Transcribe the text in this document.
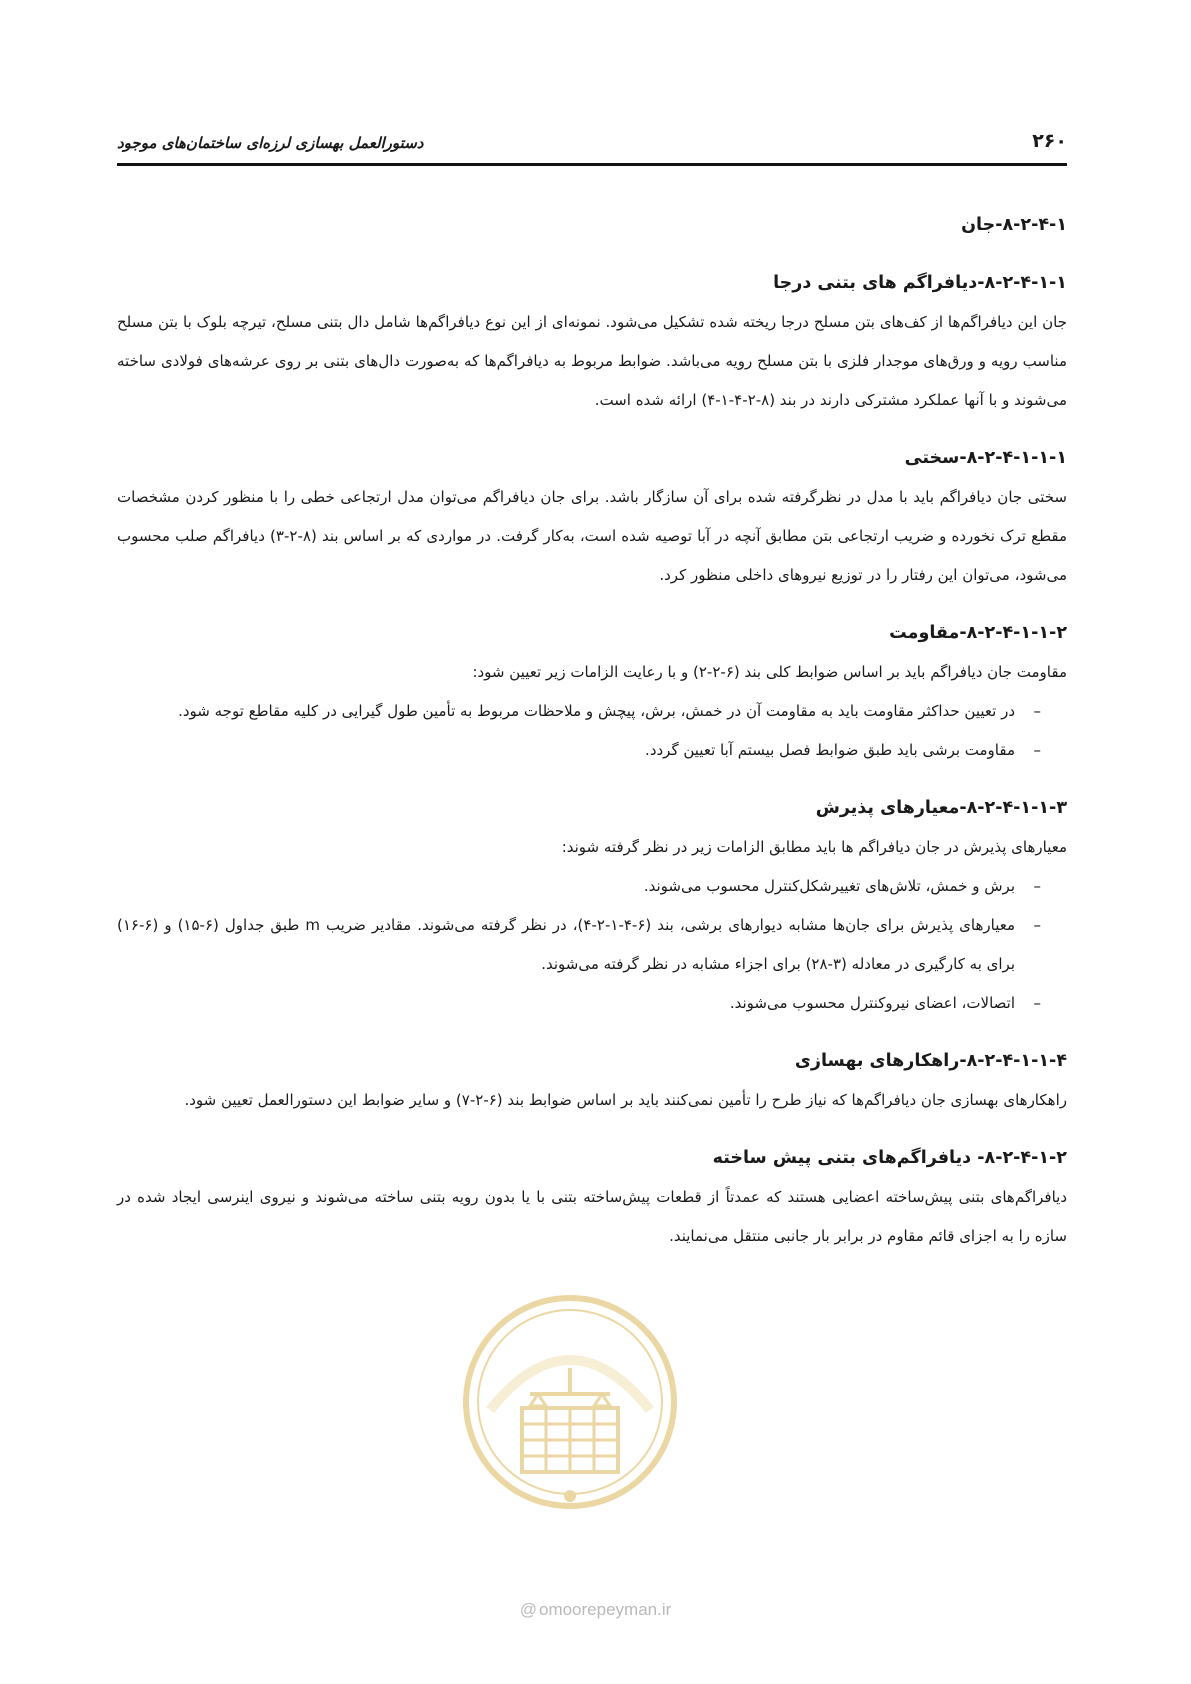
۲۶۰
دستورالعمل بهسازی لرزه‌ای ساختمان‌های موجود
۸-۲-۴-۱-جان
۸-۲-۴-۱-۱-دیافراگم های بتنی درجا

جان این دیافراگم‌ها از کف‌های بتن مسلح درجا ریخته شده تشکیل می‌شود. نمونه‌ای از این نوع دیافراگم‌ها شامل دال بتنی مسلح، تیرچه بلوک با بتن مسلح مناسب رویه و ورق‌های موجدار فلزی با بتن مسلح رویه می‌باشد. ضوابط مربوط به دیافراگم‌ها که به‌صورت دال‌های بتنی بر روی عرشه‌های فولادی ساخته می‌شوند و با آنها عملکرد مشترکی دارند در بند (۸-۲-۴-۱-۴) ارائه شده است.

۸-۲-۴-۱-۱-۱-سختی

سختی جان دیافراگم باید با مدل در نظرگرفته شده برای آن سازگار باشد. برای جان دیافراگم می‌توان مدل ارتجاعی خطی را با منظور کردن مشخصات مقطع ترک نخورده و ضریب ارتجاعی بتن مطابق آنچه در آبا توصیه شده است، به‌کار گرفت. در مواردی که بر اساس بند (۸-۲-۳) دیافراگم صلب محسوب می‌شود، می‌توان این رفتار را در توزیع نیروهای داخلی منظور کرد.

۸-۲-۴-۱-۱-۲-مقاومت

مقاومت جان دیافراگم باید بر اساس ضوابط کلی بند (۶-۲-۲) و با رعایت الزامات زیر تعیین شود:

–
در تعیین حداکثر مقاومت باید به مقاومت آن در خمش، برش، پیچش و ملاحظات مربوط به تأمین طول گیرایی در کلیه مقاطع توجه شود.
–
مقاومت برشی باید طبق ضوابط فصل بیستم آبا تعیین گردد.
۸-۲-۴-۱-۱-۳-معیارهای پذیرش

معیارهای پذیرش در جان دیافراگم ها باید مطابق الزامات زیر در نظر گرفته شوند:

–
برش و خمش، تلاش‌های تغییرشکل‌کنترل محسوب می‌شوند.
–
معیارهای پذیرش برای جان‌ها مشابه دیوارهای برشی، بند (۶-۴-۱-۲-۴)، در نظر گرفته می‌شوند. مقادیر ضریب m طبق جداول (۶-۱۵) و (۶-۱۶) برای به کارگیری در معادله (۳-۲۸) برای اجزاء مشابه در نظر گرفته می‌شوند.
–
اتصالات، اعضای نیروکنترل محسوب می‌شوند.
۸-۲-۴-۱-۱-۴-راهکارهای بهسازی

راهکارهای بهسازی جان دیافراگم‌ها که نیاز طرح را تأمین نمی‌کنند باید بر اساس ضوابط بند (۶-۲-۷) و سایر ضوابط این دستورالعمل تعیین شود.

۸-۲-۴-۱-۲- دیافراگم‌های بتنی پیش ساخته

دیافراگم‌های بتنی پیش‌ساخته اعضایی هستند که عمدتاً از قطعات پیش‌ساخته بتنی با یا بدون رویه بتنی ساخته می‌شوند و نیروی اینرسی ایجاد شده در سازه را به اجزای قائم مقاوم در برابر بار جانبی منتقل می‌نمایند.

@ omoorepeyman.ir
